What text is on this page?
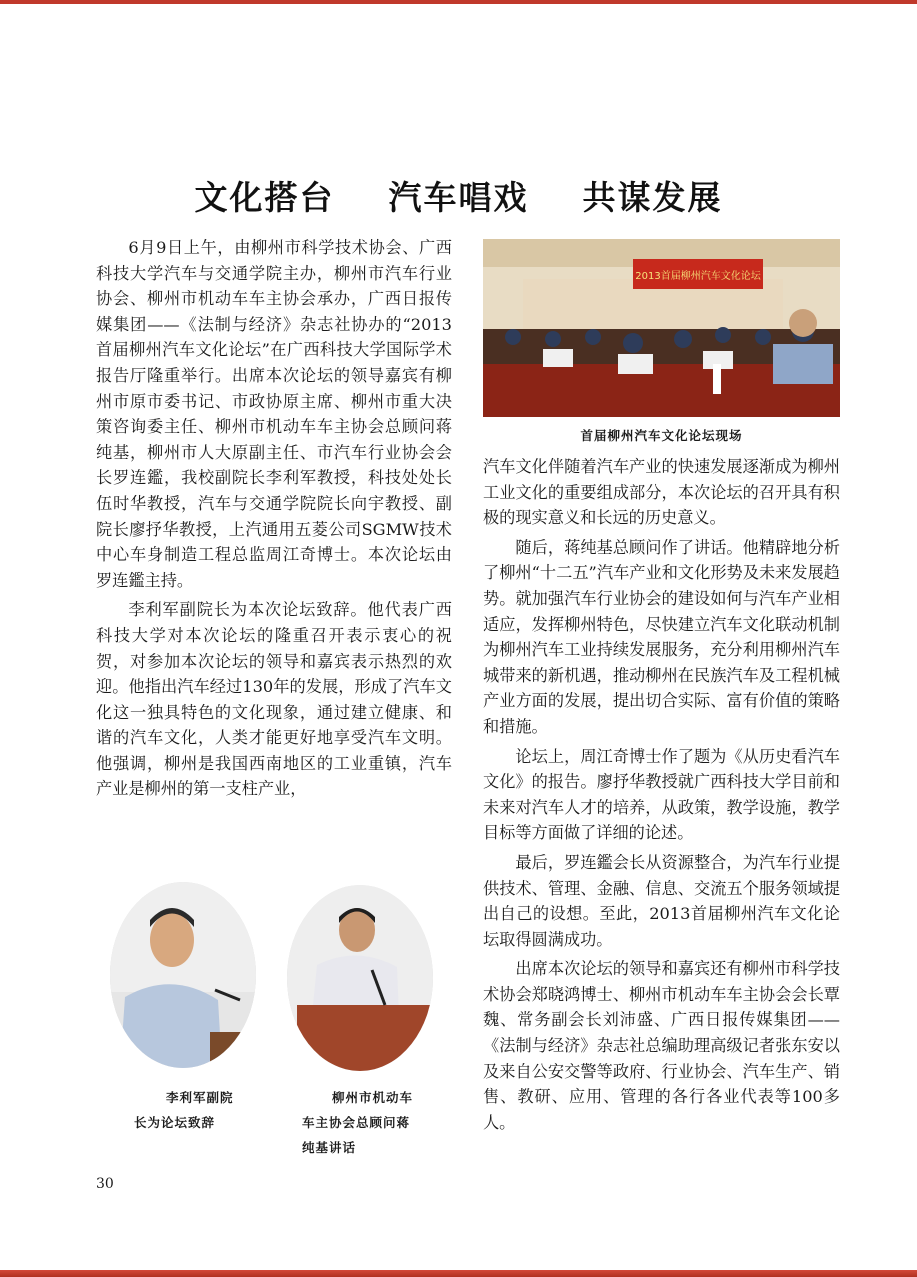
文化搭台    汽车唱戏    共谋发展

6月9日上午，由柳州市科学技术协会、广西科技大学汽车与交通学院主办，柳州市汽车行业协会、柳州市机动车车主协会承办，广西日报传媒集团——《法制与经济》杂志社协办的“2013首届柳州汽车文化论坛”在广西科技大学国际学术报告厅隆重举行。出席本次论坛的领导嘉宾有柳州市原市委书记、市政协原主席、柳州市重大决策咨询委主任、柳州市机动车车主协会总顾问蒋纯基，柳州市人大原副主任、市汽车行业协会会长罗连鑑，我校副院长李利军教授，科技处处长伍时华教授，汽车与交通学院院长向宇教授、副院长廖抒华教授，上汽通用五菱公司SGMW技术中心车身制造工程总监周江奇博士。本次论坛由罗连鑑主持。

李利军副院长为本次论坛致辞。他代表广西科技大学对本次论坛的隆重召开表示衷心的祝贺，对参加本次论坛的领导和嘉宾表示热烈的欢迎。他指出汽车经过130年的发展，形成了汽车文化这一独具特色的文化现象，通过建立健康、和谐的汽车文化，人类才能更好地享受汽车文明。他强调，柳州是我国西南地区的工业重镇，汽车产业是柳州的第一支柱产业，

2013首届柳州汽车文化论坛
首届柳州汽车文化论坛现场

汽车文化伴随着汽车产业的快速发展逐渐成为柳州工业文化的重要组成部分，本次论坛的召开具有积极的现实意义和长远的历史意义。

随后，蒋纯基总顾问作了讲话。他精辟地分析了柳州“十二五”汽车产业和文化形势及未来发展趋势。就加强汽车行业协会的建设如何与汽车产业相适应，发挥柳州特色，尽快建立汽车文化联动机制为柳州汽车工业持续发展服务，充分利用柳州汽车城带来的新机遇，推动柳州在民族汽车及工程机械产业方面的发展，提出切合实际、富有价值的策略和措施。

论坛上，周江奇博士作了题为《从历史看汽车文化》的报告。廖抒华教授就广西科技大学目前和未来对汽车人才的培养，从政策，教学设施，教学目标等方面做了详细的论述。

最后，罗连鑑会长从资源整合，为汽车行业提供技术、管理、金融、信息、交流五个服务领域提出自己的设想。至此，2013首届柳州汽车文化论坛取得圆满成功。

出席本次论坛的领导和嘉宾还有柳州市科学技术协会郑晓鸿博士、柳州市机动车车主协会会长覃魏、常务副会长刘沛盛、广西日报传媒集团——《法制与经济》杂志社总编助理高级记者张东安以及来自公安交警等政府、行业协会、汽车生产、销售、教研、应用、管理的各行各业代表等100多人。

李利军副院
长为论坛致辞
柳州市机动车
车主协会总顾问蒋
纯基讲话
30
